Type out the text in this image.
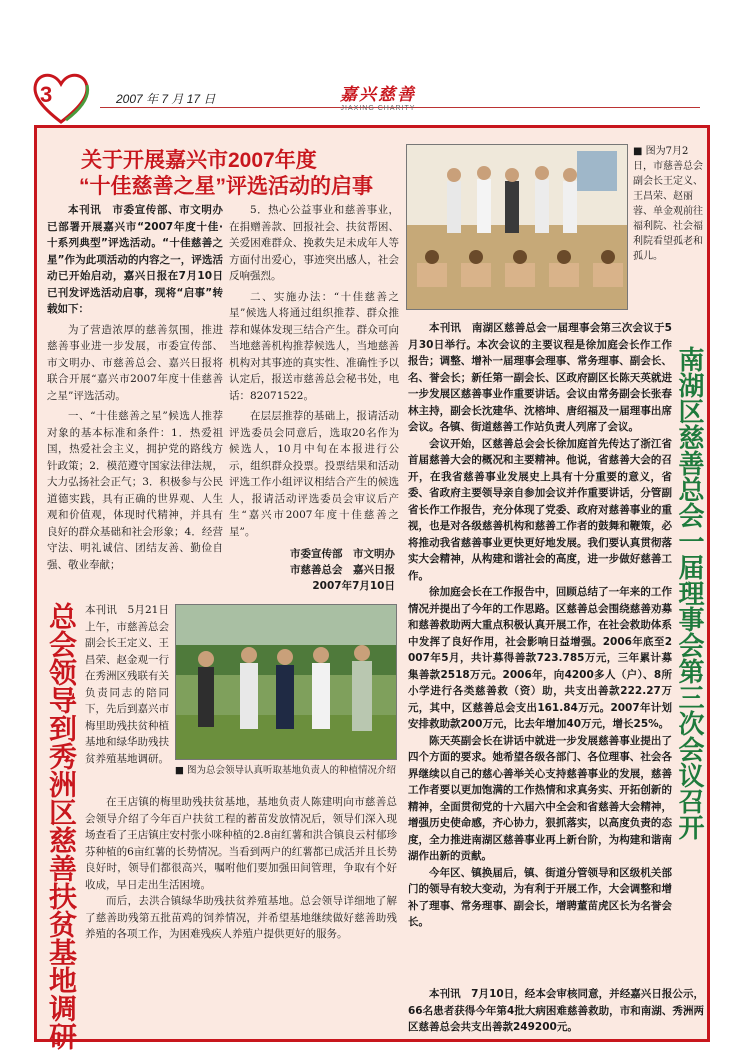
3	2007 年 7 月 17 日	嘉兴慈善
JIAXING CHARITY
关于开展嘉兴市2007年度
“十佳慈善之星”评选活动的启事

本刊讯　市委宣传部、市文明办已部署开展嘉兴市“2007年度十佳·十系列典型”评选活动。“十佳慈善之星”作为此项活动的内容之一，评选活动已开始启动，嘉兴日报在7月10日已刊发评选活动启事，现将“启事”转载如下：

为了营造浓厚的慈善氛围，推进慈善事业进一步发展，市委宣传部、市文明办、市慈善总会、嘉兴日报将联合开展“嘉兴市2007年度十佳慈善之星”评选活动。

一、“十佳慈善之星”候选人推荐对象的基本标准和条件：1．热爱祖国，热爱社会主义，拥护党的路线方针政策；2．模范遵守国家法律法规，大力弘扬社会正气；3．积极参与公民道德实践，具有正确的世界观、人生观和价值观，体现时代精神，并具有良好的群众基础和社会形象；4．经营守法、明礼诚信、团结友善、勤俭自强、敬业奉献；

5．热心公益事业和慈善事业，在捐赠善款、回报社会、扶贫帮困、关爱困难群众、挽救失足未成年人等方面付出爱心，事迹突出感人，社会反响强烈。

二、实施办法：“十佳慈善之星”候选人将通过组织推荐、群众推荐和媒体发现三结合产生。群众可向当地慈善机构推荐候选人，当地慈善机构对其事迹的真实性、准确性予以认定后，报送市慈善总会秘书处，电话：82071522。

在层层推荐的基础上，报请活动评选委员会同意后，选取20名作为候选人，10月中旬在本报进行公示，组织群众投票。投票结果和活动评选工作小组评议相结合产生的候选人，报请活动评选委员会审议后产生“嘉兴市2007年度十佳慈善之星”。

市委宣传部　市文明办
市慈善总会　嘉兴日报
2007年7月10日
总会领导到秀洲区慈善扶贫基地调研 本刊讯　5月21日上午，市慈善总会副会长王定义、王昌荣、赵金观一行在秀洲区残联有关负责同志的陪同下，先后到嘉兴市梅里助残扶贫种植基地和绿华助残扶贫养殖基地调研。
■ 图为总会领导认真听取基地负责人的种植情况介绍

在王店镇的梅里助残扶贫基地，基地负责人陈建明向市慈善总会领导介绍了今年百户扶贫工程的蓄苗发放情况后，领导们深入现场查看了王店镇庄安村张小咪种植的2.8亩红薯和洪合镇良云村郁珍芬种植的6亩红薯的长势情况。当看到两户的红薯都已成活并且长势良好时，领导们都很高兴，嘱咐他们要加强田间管理，争取有个好收成，早日走出生活困境。

而后，去洪合镇绿华助残扶贫养殖基地。总会领导详细地了解了慈善助残第五批苗鸡的饲养情况，并希望基地继续做好慈善助残养殖的各项工作，为困难残疾人养殖户提供更好的服务。

■ 图为7月2日，市慈善总会副会长王定义、王昌荣、赵丽蓉、单金观前往福利院、社会福利院看望孤老和孤儿。

本刊讯　南湖区慈善总会一届理事会第三次会议于5月30日举行。本次会议的主要议程是徐加庭会长作工作报告；调整、增补一届理事会理事、常务理事、副会长、名、誉会长；新任第一副会长、区政府副区长陈天英就进一步发展区慈善事业作重要讲话。会议由常务副会长张春林主持，副会长沈建华、沈榕坤、唐绍福及一届理事出席会议。各镇、街道慈善工作站负责人列席了会议。

会议开始，区慈善总会会长徐加庭首先传达了浙江省首届慈善大会的概况和主要精神。他说，省慈善大会的召开，在我省慈善事业发展史上具有十分重要的意义，省委、省政府主要领导亲自参加会议并作重要讲话，分管副省长作工作报告，充分体现了党委、政府对慈善事业的重视，也是对各级慈善机构和慈善工作者的鼓舞和鞭策，必将推动我省慈善事业更快更好地发展。我们要认真贯彻落实大会精神，从构建和谐社会的高度，进一步做好慈善工作。

徐加庭会长在工作报告中，回顾总结了一年来的工作情况并提出了今年的工作思路。区慈善总会围绕慈善劝募和慈善救助两大重点积极认真开展工作，在社会救助体系中发挥了良好作用，社会影响日益增强。2006年底至2007年5月，共计募得善款723.785万元，三年累计募集善款2518万元。2006年，向4200多人（户）、8所小学进行各类慈善救（资）助，共支出善款222.27万元，其中，区慈善总会支出161.84万元。2007年计划安排救助款200万元，比去年增加40万元，增长25%。

陈天英副会长在讲话中就进一步发展慈善事业提出了四个方面的要求。她希望各级各部门、各位理事、社会各界继续以自己的慈心善举关心支持慈善事业的发展，慈善工作者要以更加饱满的工作热情和求真务实、开拓创新的精神，全面贯彻党的十六届六中全会和省慈善大会精神，增强历史使命感，齐心协力，狠抓落实，以高度负责的态度，全力推进南湖区慈善事业再上新台阶，为构建和谐南湖作出新的贡献。

今年区、镇换届后，镇、街道分管领导和区级机关部门的领导有较大变动，为有利于开展工作，大会调整和增补了理事、常务理事、副会长，增聘董苗虎区长为名誉会长。

南湖区慈善总会一届理事会第三次会议召开
本刊讯　7月10日，经本会审核同意，并经嘉兴日报公示，66名患者获得今年第4批大病困难慈善救助，市和南湖、秀洲两区慈善总会共支出善款249200元。
